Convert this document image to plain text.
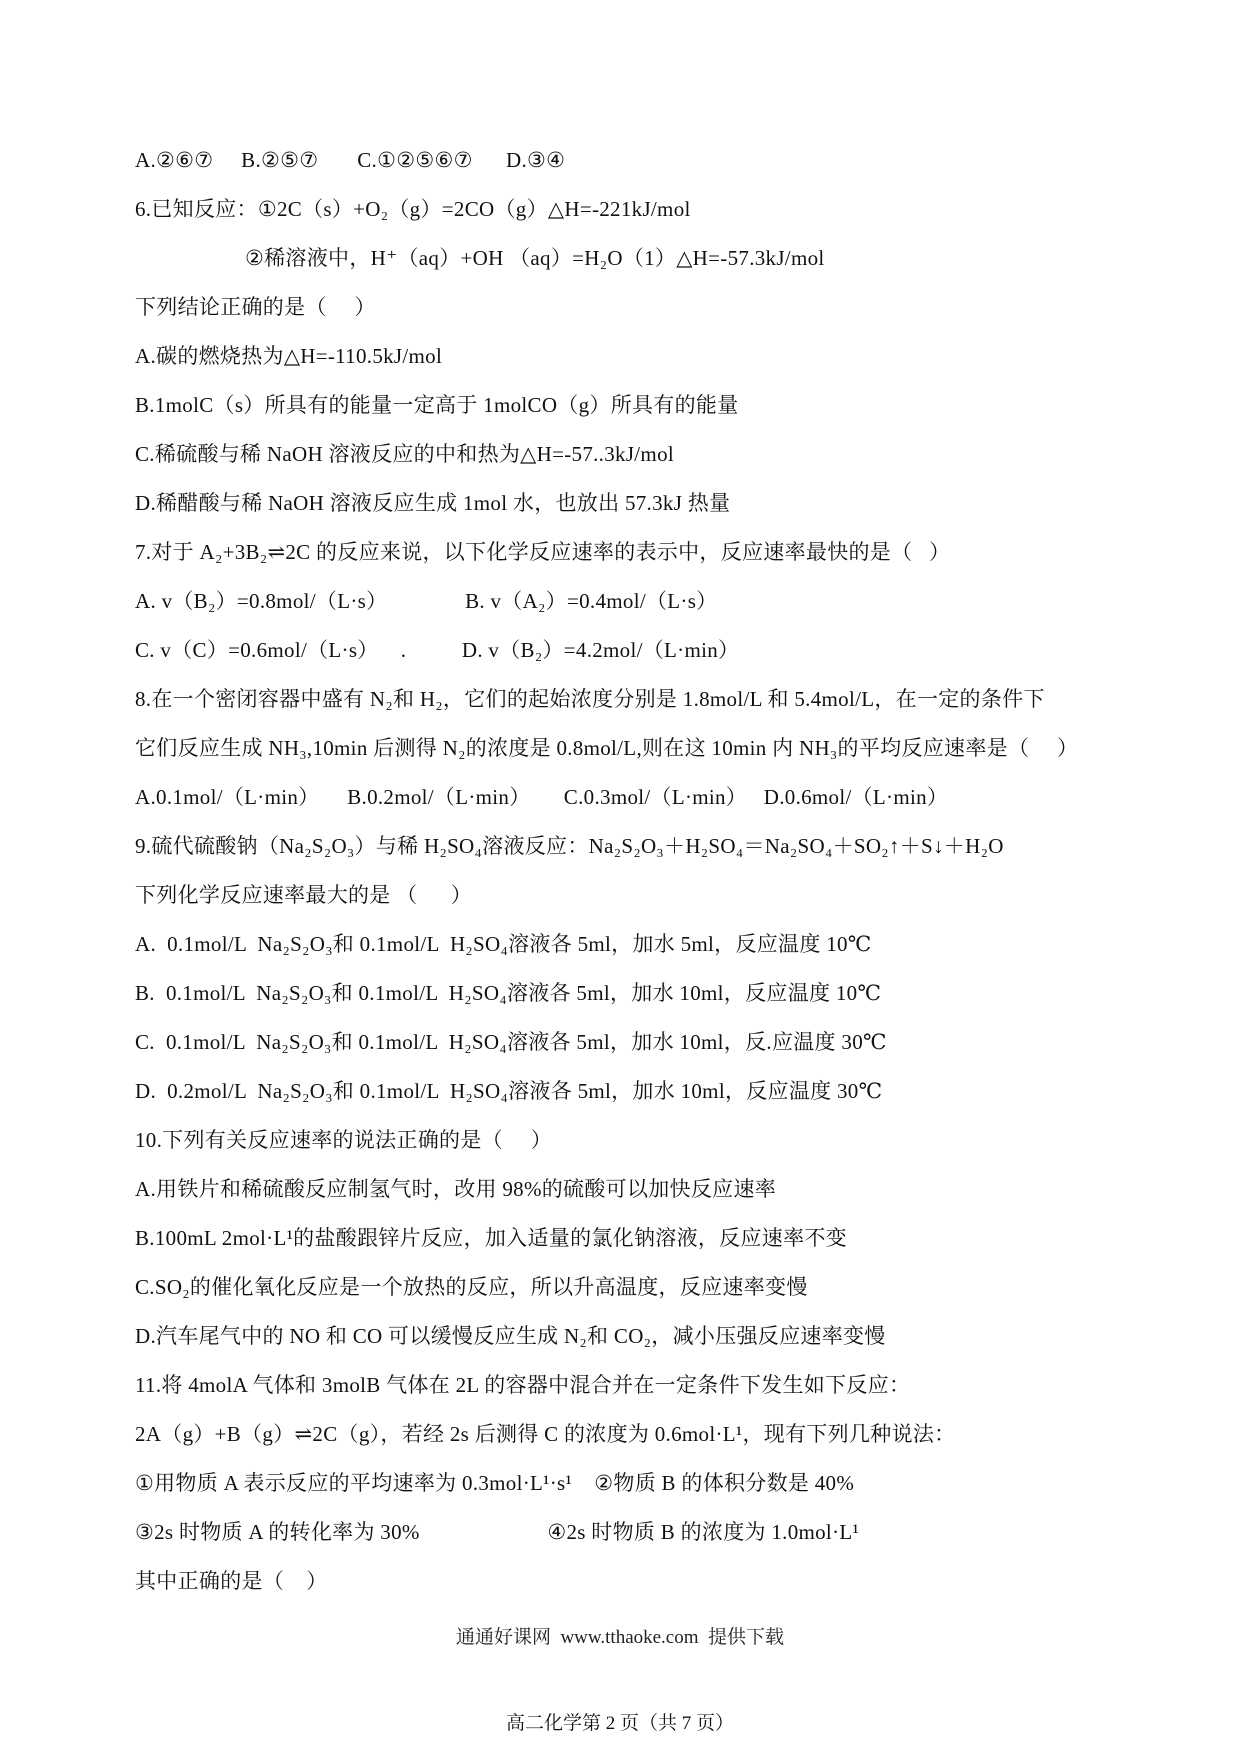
A.②⑥⑦     B.②⑤⑦       C.①②⑤⑥⑦      D.③④

6.已知反应：①2C（s）+O₂（g）=2CO（g）△H=-221kJ/mol

②稀溶液中，H⁺（aq）+OH （aq）=H₂O（1）△H=-57.3kJ/mol

下列结论正确的是（     ）

A.碳的燃烧热为△H=-110.5kJ/mol

B.1molC（s）所具有的能量一定高于 1molCO（g）所具有的能量

C.稀硫酸与稀 NaOH 溶液反应的中和热为△H=-57..3kJ/mol

D.稀醋酸与稀 NaOH 溶液反应生成 1mol 水，也放出 57.3kJ 热量

7.对于 A₂+3B₂⇌2C 的反应来说，以下化学反应速率的表示中，反应速率最快的是（   ）

A. v（B₂）=0.8mol/（L·s）              B. v（A₂）=0.4mol/（L·s）

C. v（C）=0.6mol/（L·s）    .          D. v（B₂）=4.2mol/（L·min）

8.在一个密闭容器中盛有 N₂和 H₂，它们的起始浓度分别是 1.8mol/L 和 5.4mol/L，在一定的条件下

它们反应生成 NH₃,10min 后测得 N₂的浓度是 0.8mol/L,则在这 10min 内 NH₃的平均反应速率是（     ）

A.0.1mol/（L·min）     B.0.2mol/（L·min）      C.0.3mol/（L·min）   D.0.6mol/（L·min）

9.硫代硫酸钠（Na₂S₂O₃）与稀 H₂SO₄溶液反应：Na₂S₂O₃＋H₂SO₄＝Na₂SO₄＋SO₂↑＋S↓＋H₂O

下列化学反应速率最大的是 （      ）

A.  0.1mol/L  Na₂S₂O₃和 0.1mol/L  H₂SO₄溶液各 5ml，加水 5ml，反应温度 10℃

B.  0.1mol/L  Na₂S₂O₃和 0.1mol/L  H₂SO₄溶液各 5ml，加水 10ml，反应温度 10℃

C.  0.1mol/L  Na₂S₂O₃和 0.1mol/L  H₂SO₄溶液各 5ml，加水 10ml，反.应温度 30℃

D.  0.2mol/L  Na₂S₂O₃和 0.1mol/L  H₂SO₄溶液各 5ml，加水 10ml，反应温度 30℃

10.下列有关反应速率的说法正确的是（     ）

A.用铁片和稀硫酸反应制氢气时，改用 98%的硫酸可以加快反应速率

B.100mL 2mol·L¹的盐酸跟锌片反应，加入适量的氯化钠溶液，反应速率不变

C.SO₂的催化氧化反应是一个放热的反应，所以升高温度，反应速率变慢

D.汽车尾气中的 NO 和 CO 可以缓慢反应生成 N₂和 CO₂，减小压强反应速率变慢

11.将 4molA 气体和 3molB 气体在 2L 的容器中混合并在一定条件下发生如下反应：

2A（g）+B（g）⇌2C（g），若经 2s 后测得 C 的浓度为 0.6mol·L¹，现有下列几种说法：

①用物质 A 表示反应的平均速率为 0.3mol·L¹·s¹    ②物质 B 的体积分数是 40%

③2s 时物质 A 的转化率为 30%                       ④2s 时物质 B 的浓度为 1.0mol·L¹

其中正确的是（    ）

通通好课网  www.tthaoke.com  提供下载
高二化学第 2 页（共 7 页）
